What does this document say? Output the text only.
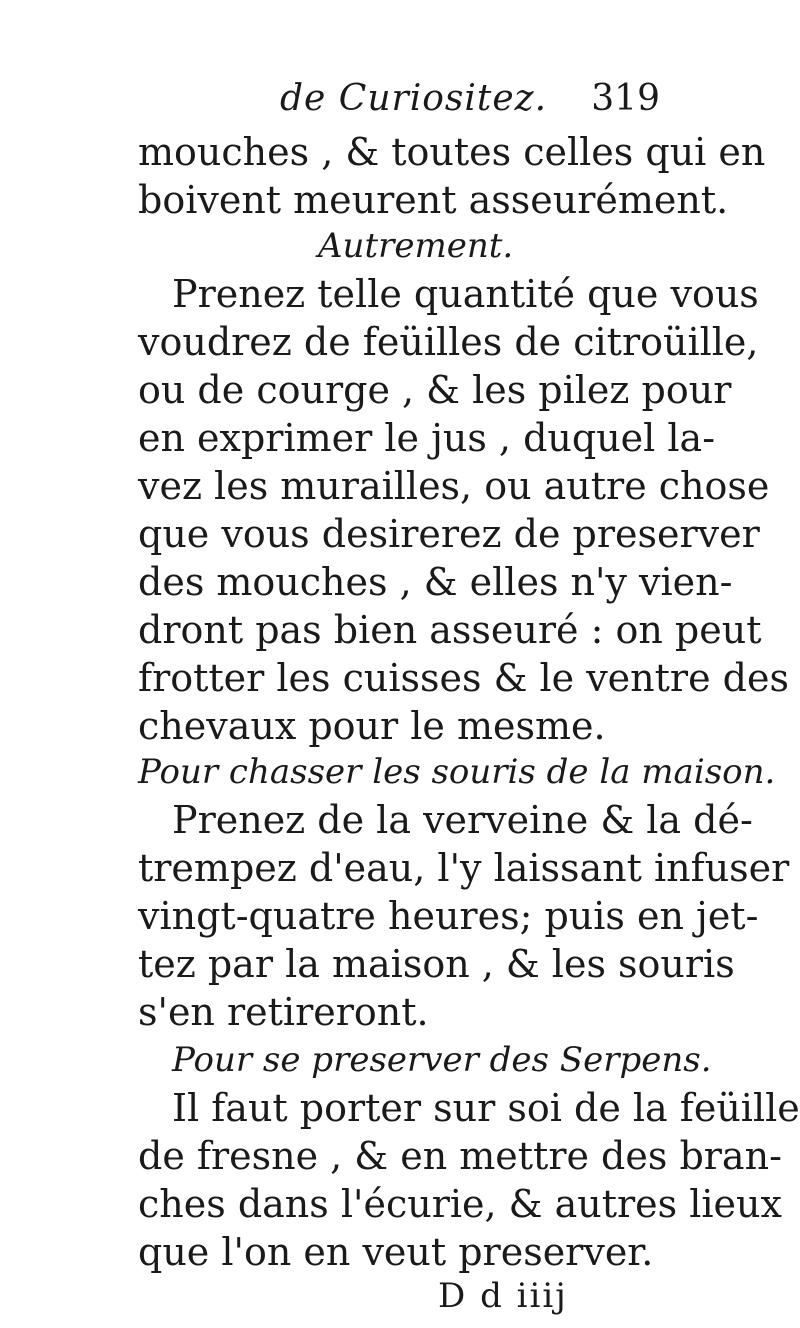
de Curiositez. 319
mouches , & toutes celles qui en
boivent meurent asseurément.
Autrement.
Prenez telle quantité que vous
voudrez de feüilles de citroüille,
ou de courge , & les pilez pour
en exprimer le jus , duquel la-
vez les murailles, ou autre chose
que vous desirerez de preserver
des mouches , & elles n'y vien-
dront pas bien asseuré : on peut
frotter les cuisses & le ventre des
chevaux pour le mesme.
Pour chasser les souris de la maison.
Prenez de la verveine & la dé-
trempez d'eau, l'y laissant infuser
vingt-quatre heures; puis en jet-
tez par la maison , & les souris
s'en retireront.
Pour se preserver des Serpens.
Il faut porter sur soi de la feüille
de fresne , & en mettre des bran-
ches dans l'écurie, & autres lieux
que l'on en veut preserver.
D d iiij
